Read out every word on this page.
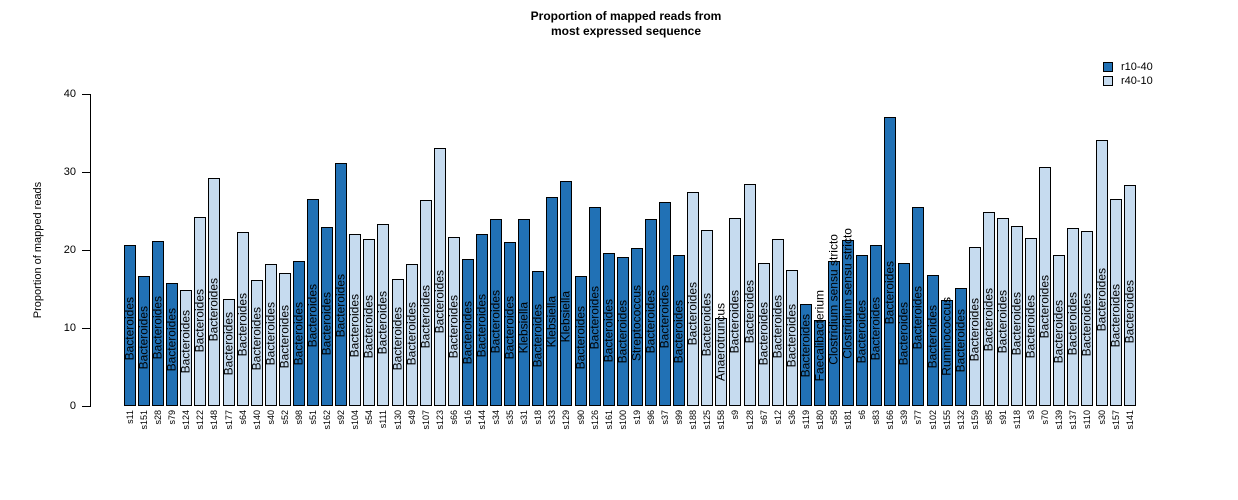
Proportion of mapped reads from
most expressed sequence
Proportion of mapped reads
Bacteroides
s11
Bacteroides
s151
Bacteroides
s28
Bacteroides
s79
Bacteroides
s124
Bacteroides
s122
Bacteroides
s148
Bacteroides
s177
Bacteroides
s64
Bacteroides
s140
Bacteroides
s40
Bacteroides
s52
Bacteroides
s98
Bacteroides
s51
Bacteroides
s162
Bacteroides
s92
Bacteroides
s104
Bacteroides
s54
Bacteroides
s111
Bacteroides
s130
Bacteroides
s49
Bacteroides
s107
Bacteroides
s123
Bacteroides
s66
Bacteroides
s16
Bacteroides
s144
Bacteroides
s34
Bacteroides
s35
Klebsiella
s31
Bacteroides
s18
Klebsiella
s33
Klebsiella
s129
Bacteroides
s90
Bacteroides
s126
Bacteroides
s161
Bacteroides
s100
Streptococcus
s19
Bacteroides
s96
Bacteroides
s37
Bacteroides
s99
Bacteroides
s188
Bacteroides
s125
Anaerotruncus
s158
Bacteroides
s9
Bacteroides
s128
Bacteroides
s67
Bacteroides
s12
Bacteroides
s36
Bacteroides
s119
Faecalibacterium
s180
Clostridium sensu stricto
s58
Clostridium sensu stricto
s181
Bacteroides
s6
Bacteroides
s83
Bacteroides
s166
Bacteroides
s39
Bacteroides
s77
Bacteroides
s102
Ruminococcus
s155
Bacteroides
s132
Bacteroides
s159
Bacteroides
s85
Bacteroides
s91
Bacteroides
s118
Bacteroides
s3
Bacteroides
s70
Bacteroides
s139
Bacteroides
s137
Bacteroides
s110
Bacteroides
s30
Bacteroides
s157
Bacteroides
s141
r10-40
r40-10
0
10
20
30
40
